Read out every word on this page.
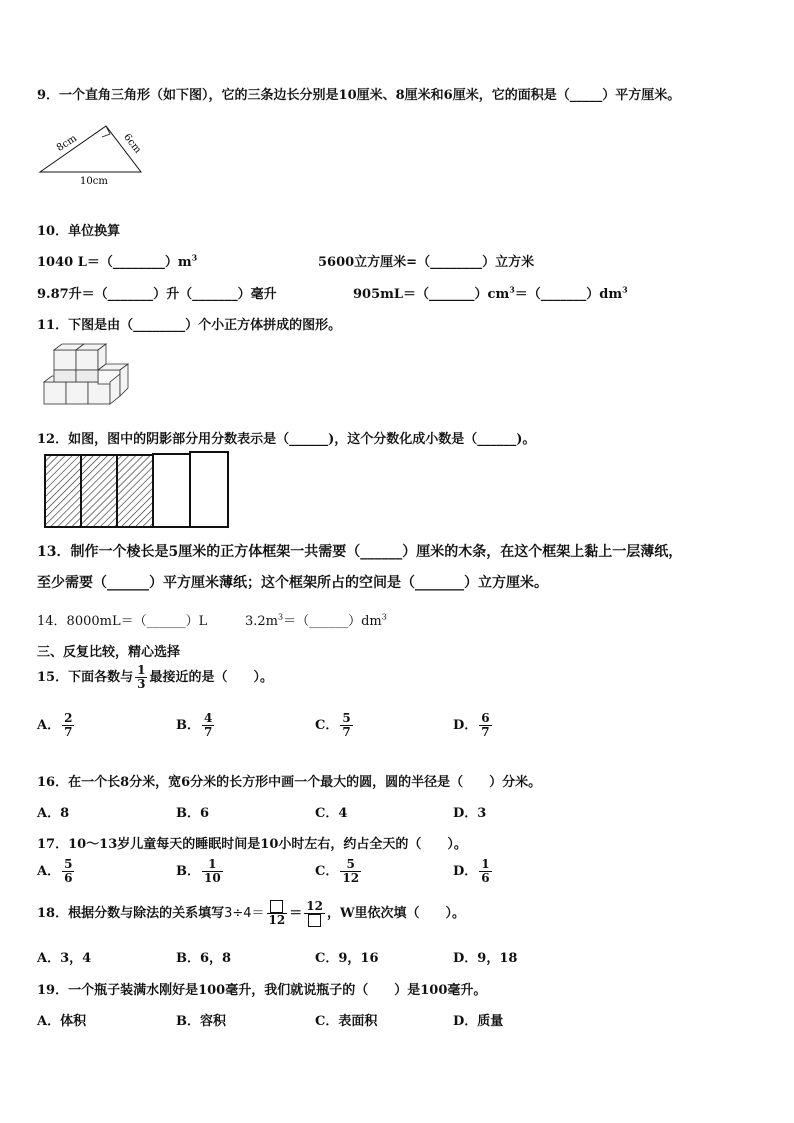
9．一个直角三角形（如下图），它的三条边长分别是10厘米、8厘米和6厘米，它的面积是（_____）平方厘米。
8cm	6cm
10cm
10．单位换算
1040 $L=(\_\_\_\_\_\_\_\_)m^3$	5600立方厘米=（________）立方米
9.87升＝（_______）升（_______）毫升	$905mL=(\_\_\_\_\_\_\_)cm^3=(\_\_\_\_\_\_\_)dm^3$
11．下图是由（________）个小正方体拼成的图形。
12．如图，图中的阴影部分用分数表示是（______)，这个分数化成小数是（______)。
13．制作一个棱长是5厘米的正方体框架一共需要（______）厘米的木条，在这个框架上黏上一层薄纸，
至少需要（______）平方厘米薄纸；这个框架所占的空间是（_______）立方厘米。
14．8000mL＝（______）L	$3.2m^3=(\_\_\_\_\_\_)dm^3$
三、反复比较，精心选择
15．下面各数与 $\frac{1}{3}$ 最接近的是（　　）。
A． $\frac{2}{7}$	B． $\frac{4}{7}$	C． $\frac{5}{7}$	D． $\frac{6}{7}$
16．在一个长8分米，宽6分米的长方形中画一个最大的圆，圆的半径是（　　）分米。
A．8	B．6	C．4	D．3
17．10～13岁儿童每天的睡眠时间是10小时左右，约占全天的（　　）。
A． $\frac{5}{6}$	B． $\frac{1}{10}$	C． $\frac{5}{12}$	D． $\frac{1}{6}$
18．根据分数与除法的关系填写3÷4＝ 12 ＝
12
，W里依次填（　　）。
A．3，4	B．6，8	C．9，16	D．9，18
19．一个瓶子装满水刚好是100毫升，我们就说瓶子的（　　）是100毫升。
A．体积	B．容积	C．表面积	D．质量
